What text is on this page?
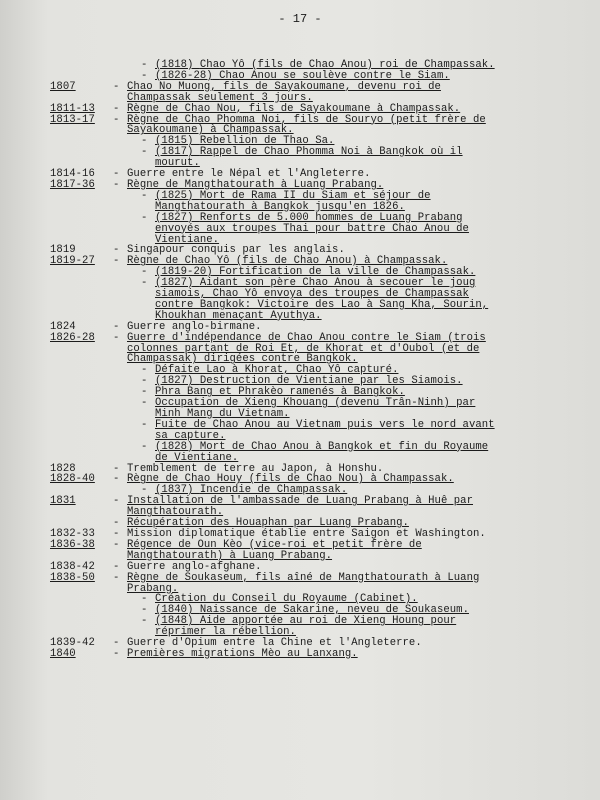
- 17 -
- (1818) Chao Yô (fils de Chao Anou) roi de Champassak.
- (1826-28) Chao Anou se soulève contre le Siam.
1807	- Chao No Muong, fils de Sayakoumane, devenu roi de
Champassak seulement 3 jours.
1811-13	- Règne de Chao Nou, fils de Sayakoumane à Champassak.
1813-17	- Règne de Chao Phomma Noi, fils de Souryo (petit frère de
Sayakoumane) à Champassak.
- (1815) Rebellion de Thao Sa.
- (1817) Rappel de Chao Phomma Noi à Bangkok où il mourut.
1814-16	- Guerre entre le Népal et l'Angleterre.
1817-36	- Règne de Mangthatourath à Luang Prabang.
- (1825) Mort de Rama II du Siam et séjour de
Mangthatourath à Bangkok jusqu'en 1826.
- (1827) Renforts de 5.000 hommes de Luang Prabang
envoyés aux troupes Thai pour battre Chao Anou de
Vientiane.
1819	- Singapour conquis par les anglais.
1819-27	- Règne de Chao Yô (fils de Chao Anou) à Champassak.
- (1819-20) Fortification de la ville de Champassak.
- (1827) Aidant son père Chao Anou à secouer le joug
siamois, Chao Yô envoya des troupes de Champassak
contre Bangkok: Victoire des Lao à Sang Kha, Sourin,
Khoukhan menaçant Ayuthya.
1824	- Guerre anglo-birmane.
1826-28	- Guerre d'indépendance de Chao Anou contre le Siam (trois
colonnes partant de Roi Et, de Khorat et d'Oubol (et de
Champassak) dirigées contre Bangkok.
- Défaite Lao à Khorat, Chao Yô capturé.
- (1827) Destruction de Vientiane par les Siamois.
- Phra Bang et Phrakèo ramenés à Bangkok.
- Occupation de Xieng Khouang (devenu Trân-Ninh) par
Minh Mang du Vietnam.
- Fuite de Chao Anou au Vietnam puis vers le nord avant
sa capture.
- (1828) Mort de Chao Anou à Bangkok et fin du Royaume
de Vientiane.
1828	- Tremblement de terre au Japon, à Honshu.
1828-40	- Règne de Chao Houy (fils de Chao Nou) à Champassak.
- (1837) Incendie de Champassak.
1831	- Installation de l'ambassade de Luang Prabang à Huê par
Mangthatourath.
- Récupération des Houaphan par Luang Prabang.
1832-33	- Mission diplomatique établie entre Saigon et Washington.
1836-38	- Régence de Oun Kèo (vice-roi et petit frère de
Mangthatourath) à Luang Prabang.
1838-42	- Guerre anglo-afghane.
1838-50	- Règne de Soukaseum, fils aîné de Mangthatourath à Luang
Prabang.
- Création du Conseil du Royaume (Cabinet).
- (1840) Naissance de Sakarine, neveu de Soukaseum.
- (1848) Aide apportée au roi de Xieng Houng pour
réprimer la rébellion.
1839-42	- Guerre d'Opium entre la Chine et l'Angleterre.
1840	- Premières migrations Mèo au Lanxang.
